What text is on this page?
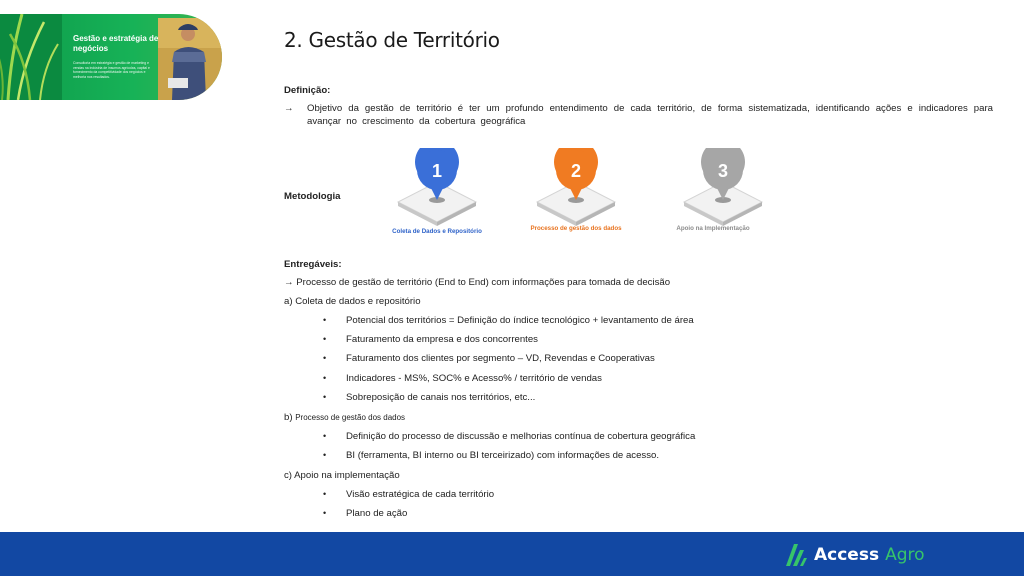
Gestão e estratégia de negócios
Consultoria em estratégia e gestão de marketing e vendas na indústria de insumos agrícolas, capital e fornecimento da competitividade dos negócios e melhoria nos resultados.
2. Gestão de Território
Definição:
→ Objetivo da gestão de território é ter um profundo entendimento de cada território, de forma sistematizada, identificando ações e indicadores para avançar no crescimento da cobertura geográfica
Metodologia
1
Coleta de Dados e Repositório
2
Processo de gestão dos dados
3
Apoio na Implementação
Entregáveis:
→ Processo de gestão de território (End to End) com informações para tomada de decisão
a) Coleta de dados e repositório
• Potencial dos territórios = Definição do índice tecnológico + levantamento de área
• Faturamento da empresa e dos concorrentes
• Faturamento dos clientes por segmento – VD, Revendas e Cooperativas
• Indicadores - MS%, SOC% e Acesso% / território de vendas
• Sobreposição de canais nos territórios, etc...
b) Processo de gestão dos dados
• Definição do processo de discussão e melhorias contínua de cobertura geográfica
• BI (ferramenta, BI interno ou BI terceirizado) com informações de acesso.
c) Apoio na implementação
• Visão estratégica de cada território
• Plano de ação
Access Agro
